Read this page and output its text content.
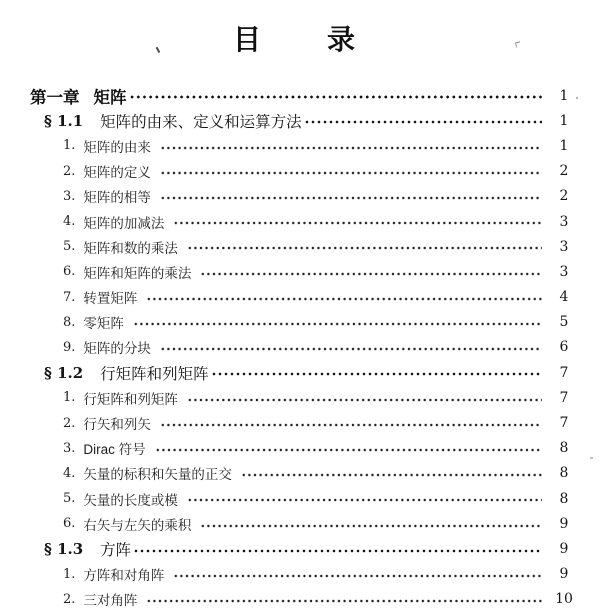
目 录
第一章 矩阵	1
§ 1.1 矩阵的由来、定义和运算方法	1
1. 矩阵的由来	1
2. 矩阵的定义	2
3. 矩阵的相等	2
4. 矩阵的加减法	3
5. 矩阵和数的乘法	3
6. 矩阵和矩阵的乘法	3
7. 转置矩阵	4
8. 零矩阵	5
9. 矩阵的分块	6
§ 1.2 行矩阵和列矩阵	7
1. 行矩阵和列矩阵	7
2. 行矢和列矢	7
3. Dirac 符号	8
4. 矢量的标积和矢量的正交	8
5. 矢量的长度或模	8
6. 右矢与左矢的乘积	9
§ 1.3 方阵	9
1. 方阵和对角阵	9
2. 三对角阵	10
